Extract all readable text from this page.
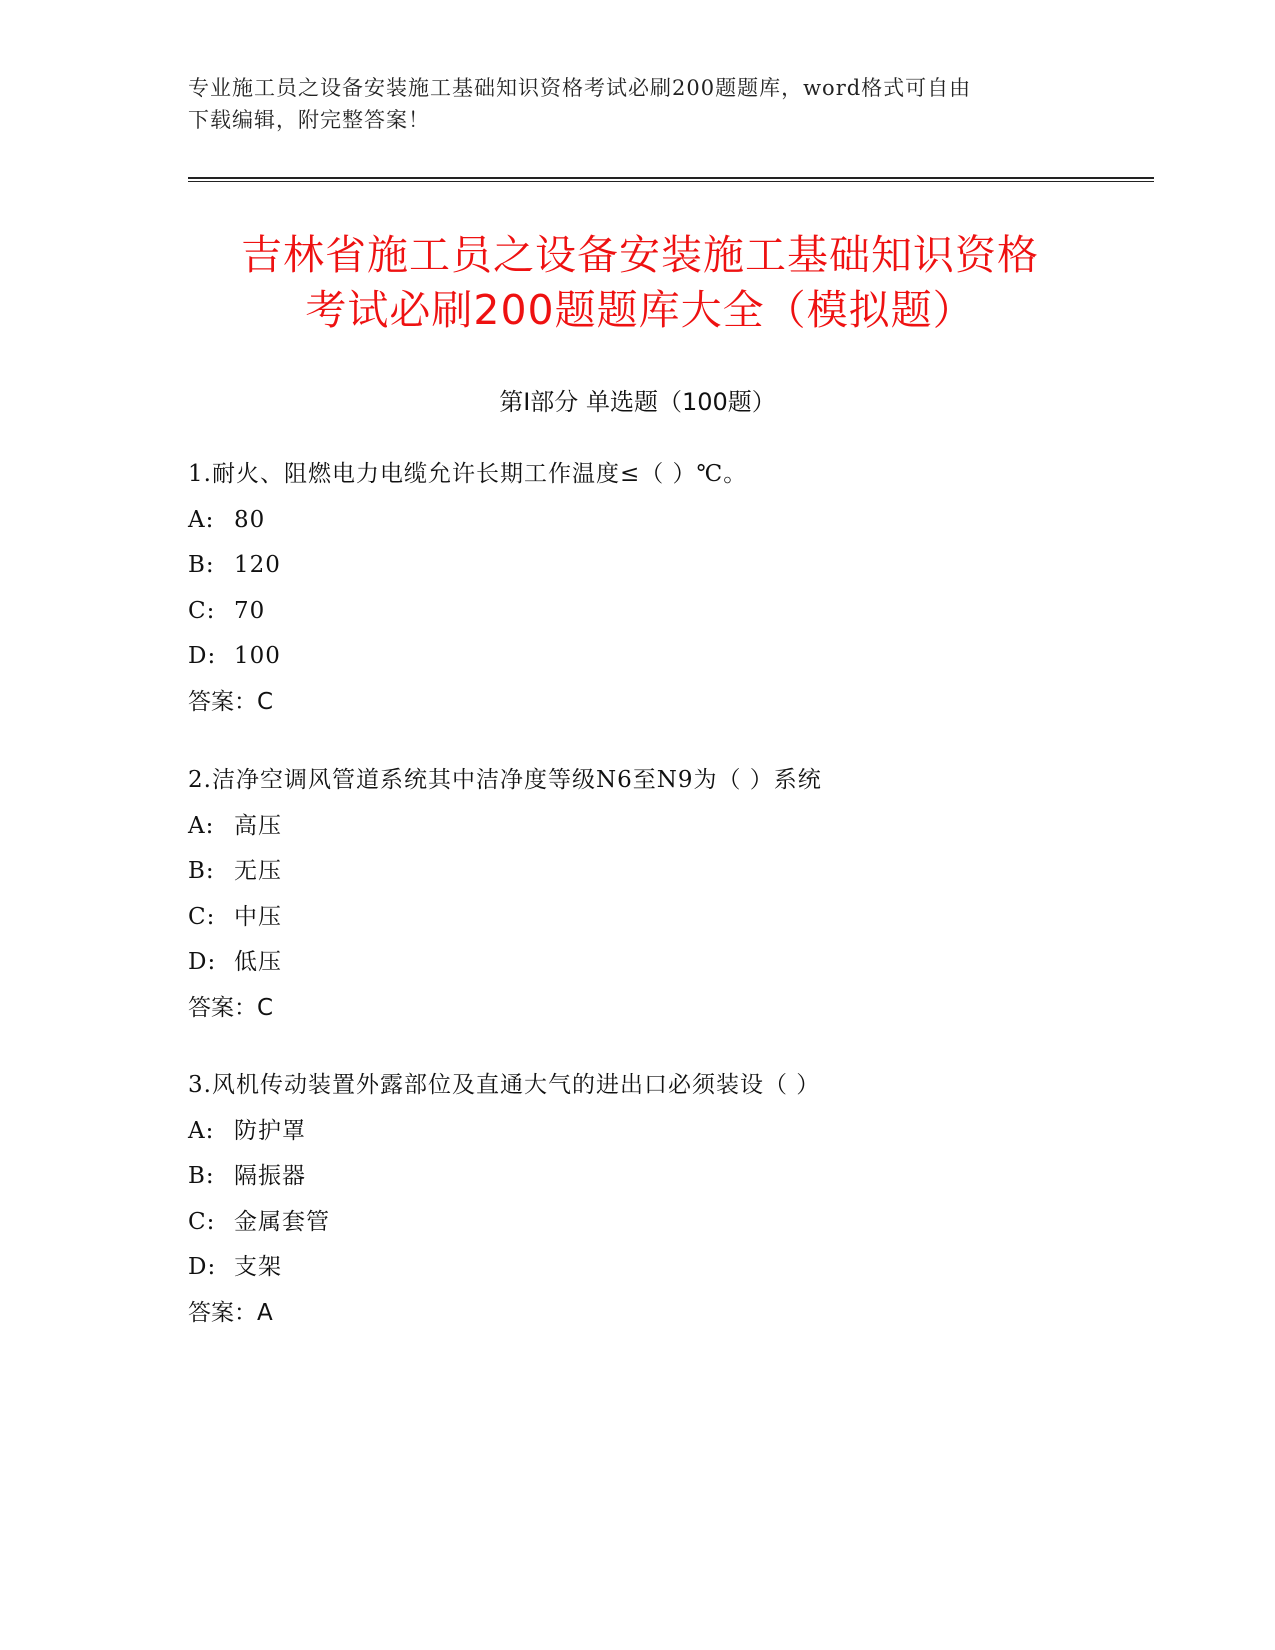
专业施工员之设备安装施工基础知识资格考试必刷200题题库，word格式可自由
下载编辑，附完整答案！
吉林省施工员之设备安装施工基础知识资格
考试必刷200题题库大全（模拟题）
第Ⅰ部分 单选题（100题）
1.耐火、阻燃电力电缆允许长期工作温度≤（ ）℃。
A: 80
B: 120
C: 70
D: 100
答案：C
2.洁净空调风管道系统其中洁净度等级N6至N9为（ ）系统
A: 高压
B: 无压
C: 中压
D: 低压
答案：C
3.风机传动装置外露部位及直通大气的进出口必须装设（ ）
A: 防护罩
B: 隔振器
C: 金属套管
D: 支架
答案：A
